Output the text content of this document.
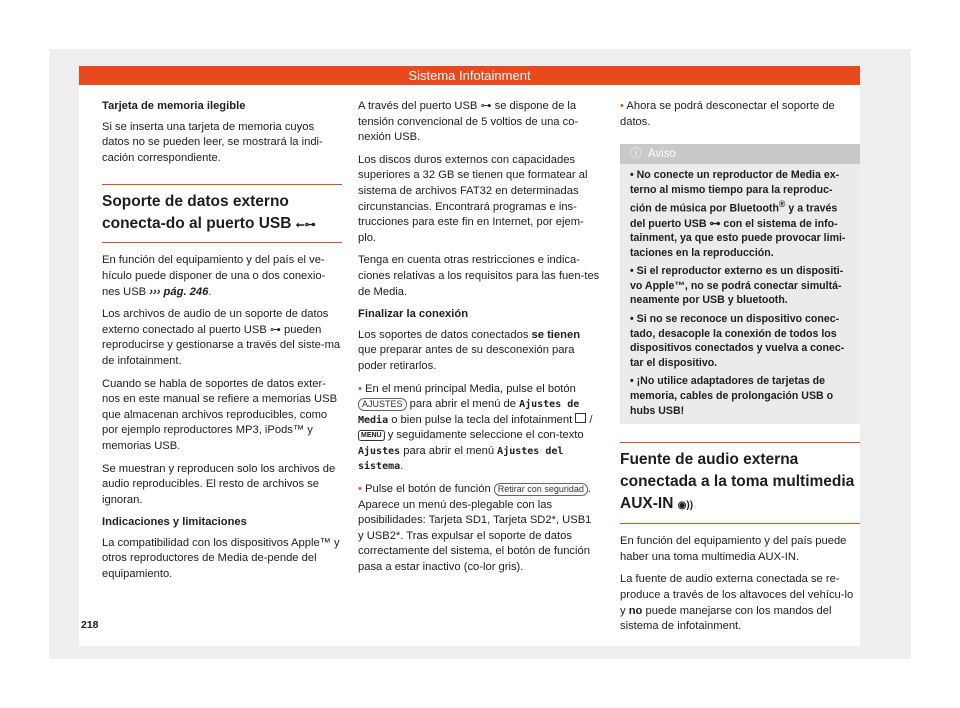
Sistema Infotainment

Tarjeta de memoria ilegible

Si se inserta una tarjeta de memoria cuyos datos no se pueden leer, se mostrará la indi-cación correspondiente.

Soporte de datos externo conecta-do al puerto USB ⭠⊶

En función del equipamiento y del país el ve-hículo puede disponer de una o dos conexio-nes USB ››› pág. 246.

Los archivos de audio de un soporte de datos externo conectado al puerto USB ⊶ pueden reproducirse y gestionarse a través del siste-ma de infotainment.

Cuando se habla de soportes de datos exter-nos en este manual se refiere a memorias USB que almacenan archivos reproducibles, como por ejemplo reproductores MP3, iPods™ y memorias USB.

Se muestran y reproducen solo los archivos de audio reproducibles. El resto de archivos se ignoran.

Indicaciones y limitaciones

La compatibilidad con los dispositivos Apple™ y otros reproductores de Media de-pende del equipamiento.

A través del puerto USB ⊶ se dispone de la tensión convencional de 5 voltios de una co-nexión USB.

Los discos duros externos con capacidades superiores a 32 GB se tienen que formatear al sistema de archivos FAT32 en determinadas circunstancias. Encontrará programas e ins-trucciones para este fin en Internet, por ejem-plo.

Tenga en cuenta otras restricciones e indica-ciones relativas a los requisitos para las fuen-tes de Media.

Finalizar la conexión

Los soportes de datos conectados se tienen que preparar antes de su desconexión para poder retirarlos.

• En el menú principal Media, pulse el botón AJUSTES para abrir el menú de Ajustes de Media o bien pulse la tecla del infotainment  / MENU y seguidamente seleccione el con-texto Ajustes para abrir el menú Ajustes del sistema.

• Pulse el botón de función Retirar con seguridad . Aparece un menú des-plegable con las posibilidades: Tarjeta SD1, Tarjeta SD2*, USB1 y USB2*. Tras expulsar el soporte de datos correctamente del sistema, el botón de función pasa a estar inactivo (co-lor gris).

• Ahora se podrá desconectar el soporte de datos.

ⓘ Aviso
• No conecte un reproductor de Media ex-terno al mismo tiempo para la reproduc-ción de música por Bluetooth® y a través del puerto USB ⊶ con el sistema de info-tainment, ya que esto puede provocar limi-taciones en la reproducción.
• Si el reproductor externo es un dispositi-vo Apple™, no se podrá conectar simultá-neamente por USB y bluetooth.
• Si no se reconoce un dispositivo conec-tado, desacople la conexión de todos los dispositivos conectados y vuelva a conec-tar el dispositivo.
• ¡No utilice adaptadores de tarjetas de memoria, cables de prolongación USB o hubs USB!
Fuente de audio externa conectada a la toma multimedia AUX-IN ◉))

En función del equipamiento y del país puede haber una toma multimedia AUX-IN.

La fuente de audio externa conectada se re-produce a través de los altavoces del vehícu-lo y no puede manejarse con los mandos del sistema de infotainment.

218
